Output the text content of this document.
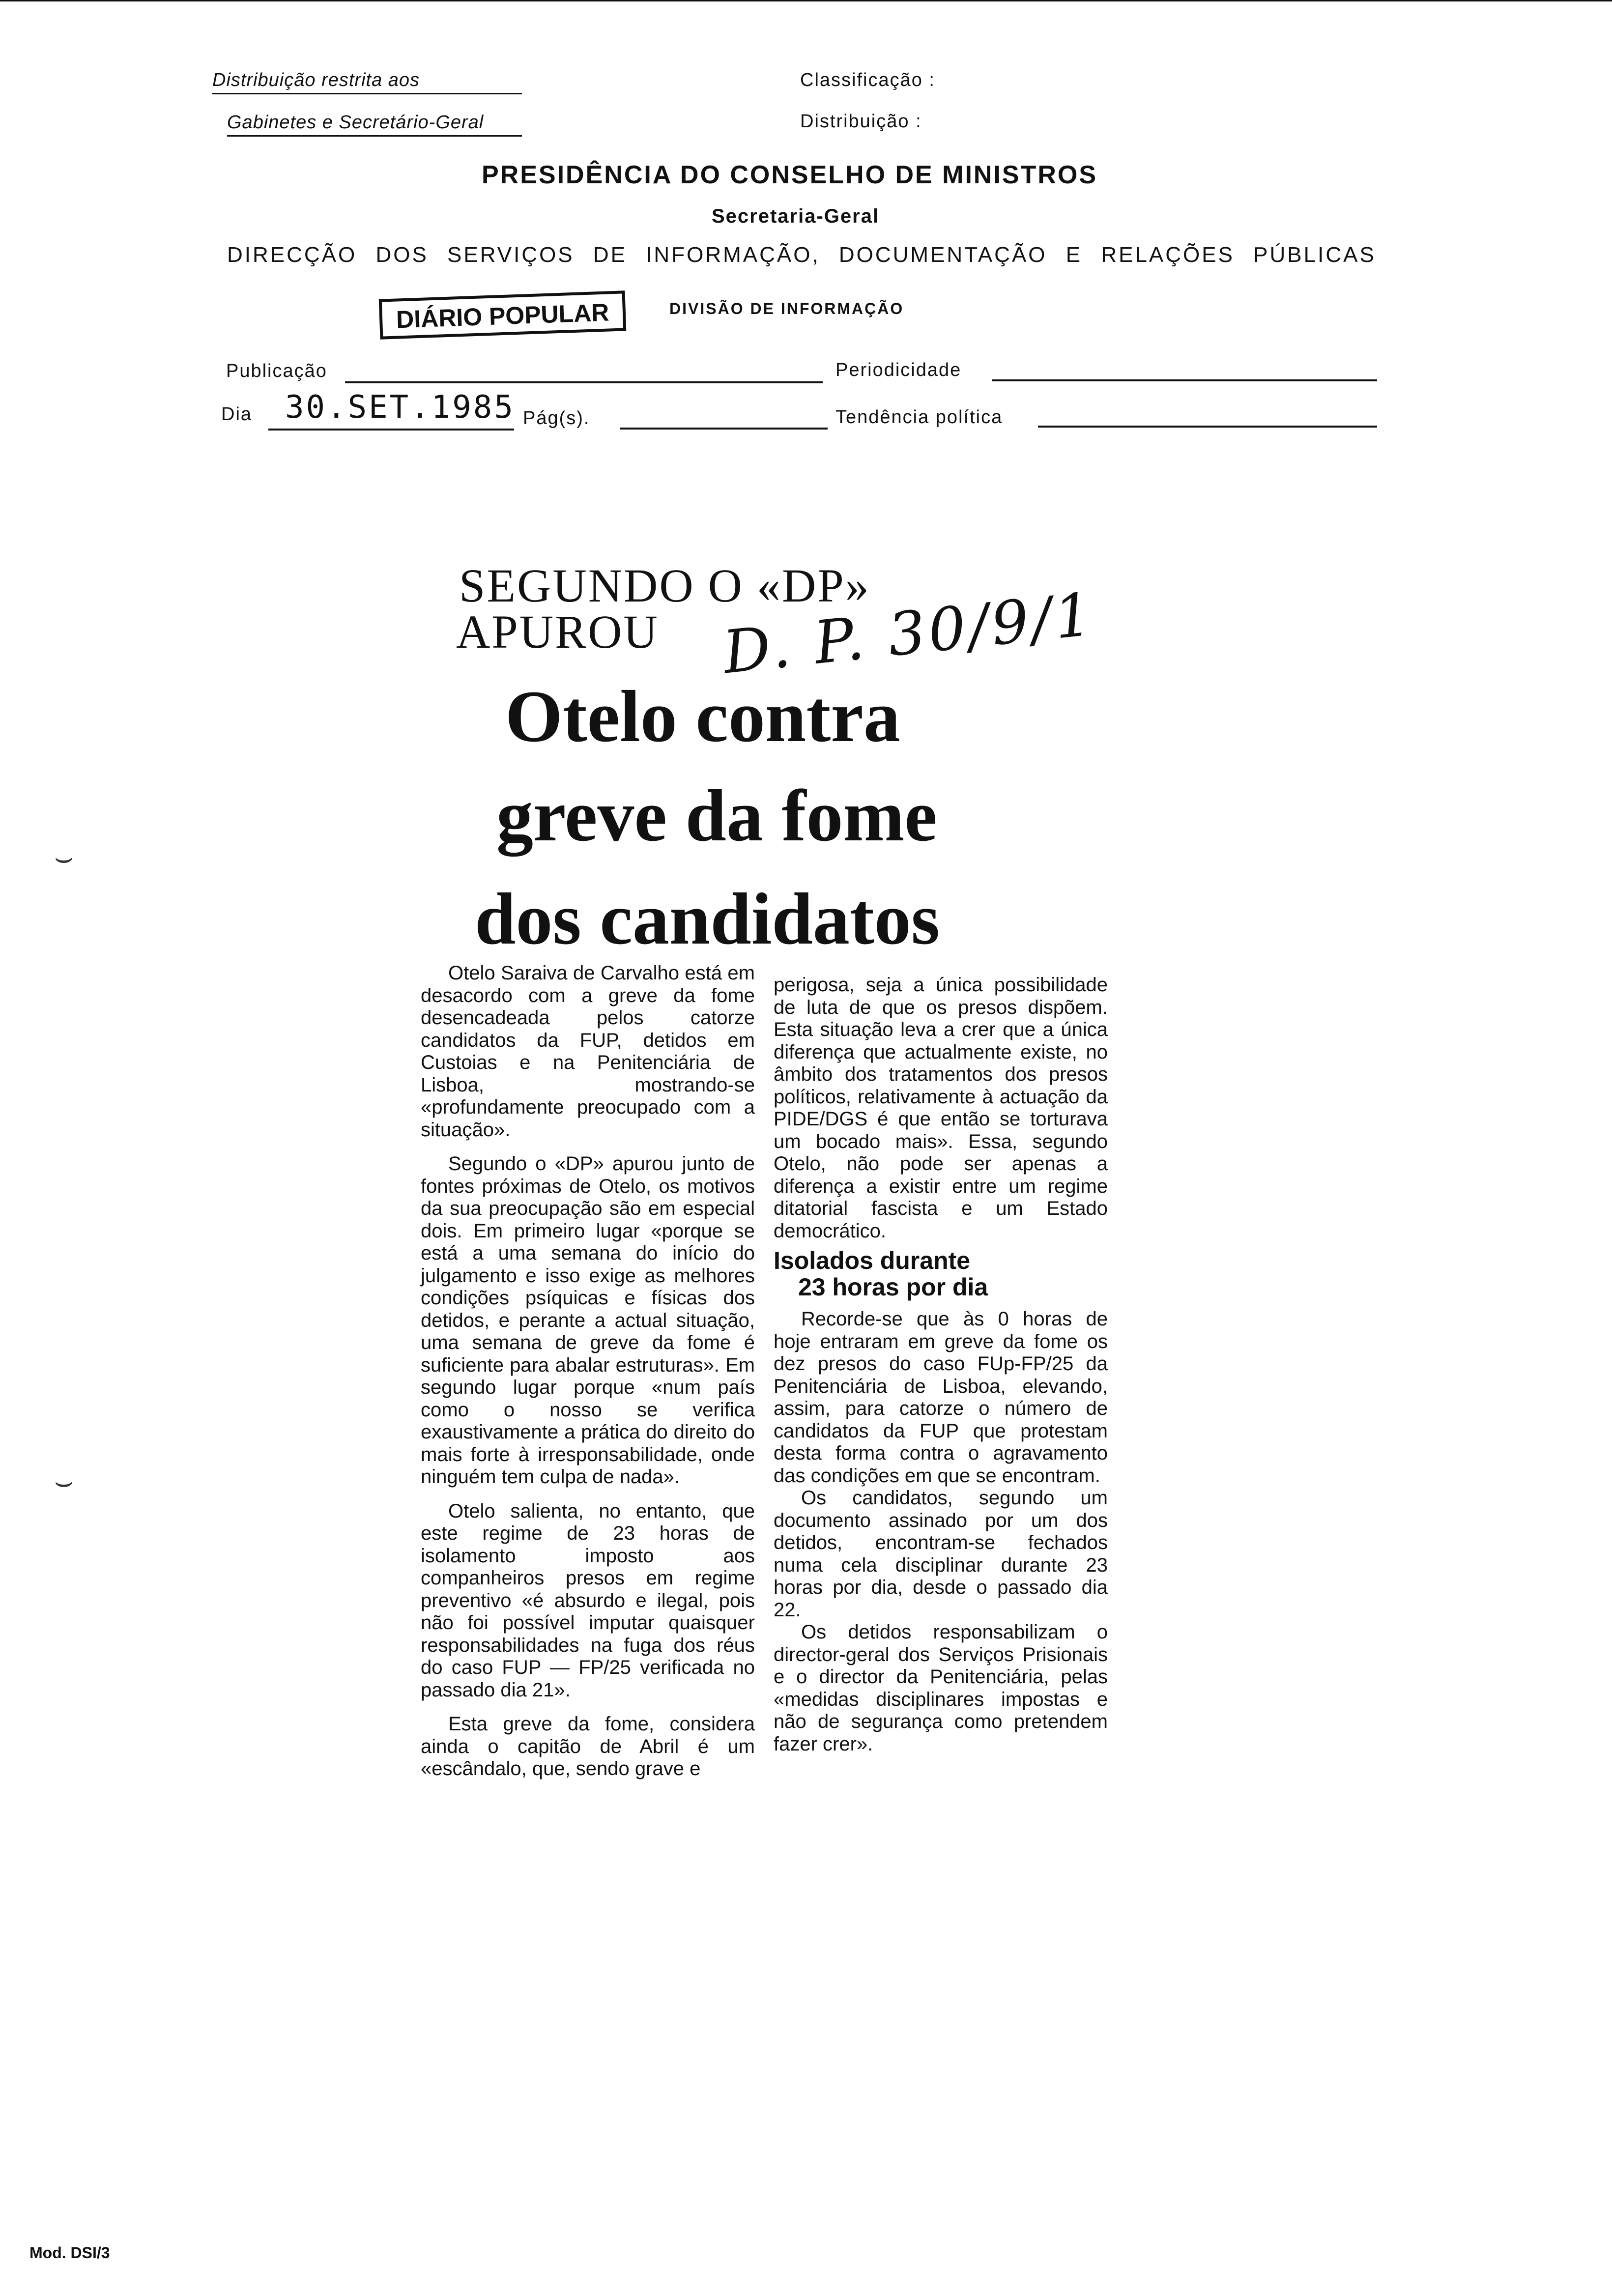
Distribuição restrita aos
Gabinetes e Secretário-Geral
Classificação :
Distribuição :
PRESIDÊNCIA DO CONSELHO DE MINISTROS
Secretaria-Geral
DIRECÇÃO DOS SERVIÇOS DE INFORMAÇÃO, DOCUMENTAÇÃO E RELAÇÕES PÚBLICAS
DIÁRIO POPULAR	DIVISÃO DE INFORMAÇÃO
Publicação	Periodicidade
Dia 30.SET.1985 Pág(s).	Tendência política
SEGUNDO O «DP»
APUROU D. P. 30/9/1
Otelo contra
greve da fome
dos candidatos

Otelo Saraiva de Carvalho está em desacordo com a greve da fome desencadeada pelos catorze candidatos da FUP, detidos em Custoias e na Penitenciária de Lisboa, mostrando-se «profundamente preocupado com a situação».

Segundo o «DP» apurou junto de fontes próximas de Otelo, os motivos da sua preocupação são em especial dois. Em primeiro lugar «porque se está a uma semana do início do julgamento e isso exige as melhores condições psíquicas e físicas dos detidos, e perante a actual situação, uma semana de greve da fome é suficiente para abalar estruturas». Em segundo lugar porque «num país como o nosso se verifica exaustivamente a prática do direito do mais forte à irresponsabilidade, onde ninguém tem culpa de nada».

Otelo salienta, no entanto, que este regime de 23 horas de isolamento imposto aos companheiros presos em regime preventivo «é absurdo e ilegal, pois não foi possível imputar quaisquer responsabilidades na fuga dos réus do caso FUP — FP/25 verificada no passado dia 21».

Esta greve da fome, considera ainda o capitão de Abril é um «escândalo, que, sendo grave e

perigosa, seja a única possibilidade de luta de que os presos dispõem. Esta situação leva a crer que a única diferença que actualmente existe, no âmbito dos tratamentos dos presos políticos, relativamente à actuação da PIDE/DGS é que então se torturava um bocado mais». Essa, segundo Otelo, não pode ser apenas a diferença a existir entre um regime ditatorial fascista e um Estado democrático.

Isolados durante
23 horas por dia

Recorde-se que às 0 horas de hoje entraram em greve da fome os dez presos do caso FUp-FP/25 da Penitenciária de Lisboa, elevando, assim, para catorze o número de candidatos da FUP que protestam desta forma contra o agravamento das condições em que se encontram.

Os candidatos, segundo um documento assinado por um dos detidos, encontram-se fechados numa cela disciplinar durante 23 horas por dia, desde o passado dia 22.

Os detidos responsabilizam o director-geral dos Serviços Prisionais e o director da Penitenciária, pelas «medidas disciplinares impostas e não de segurança como pretendem fazer crer».

⌣
⌣
Mod. DSI/3
